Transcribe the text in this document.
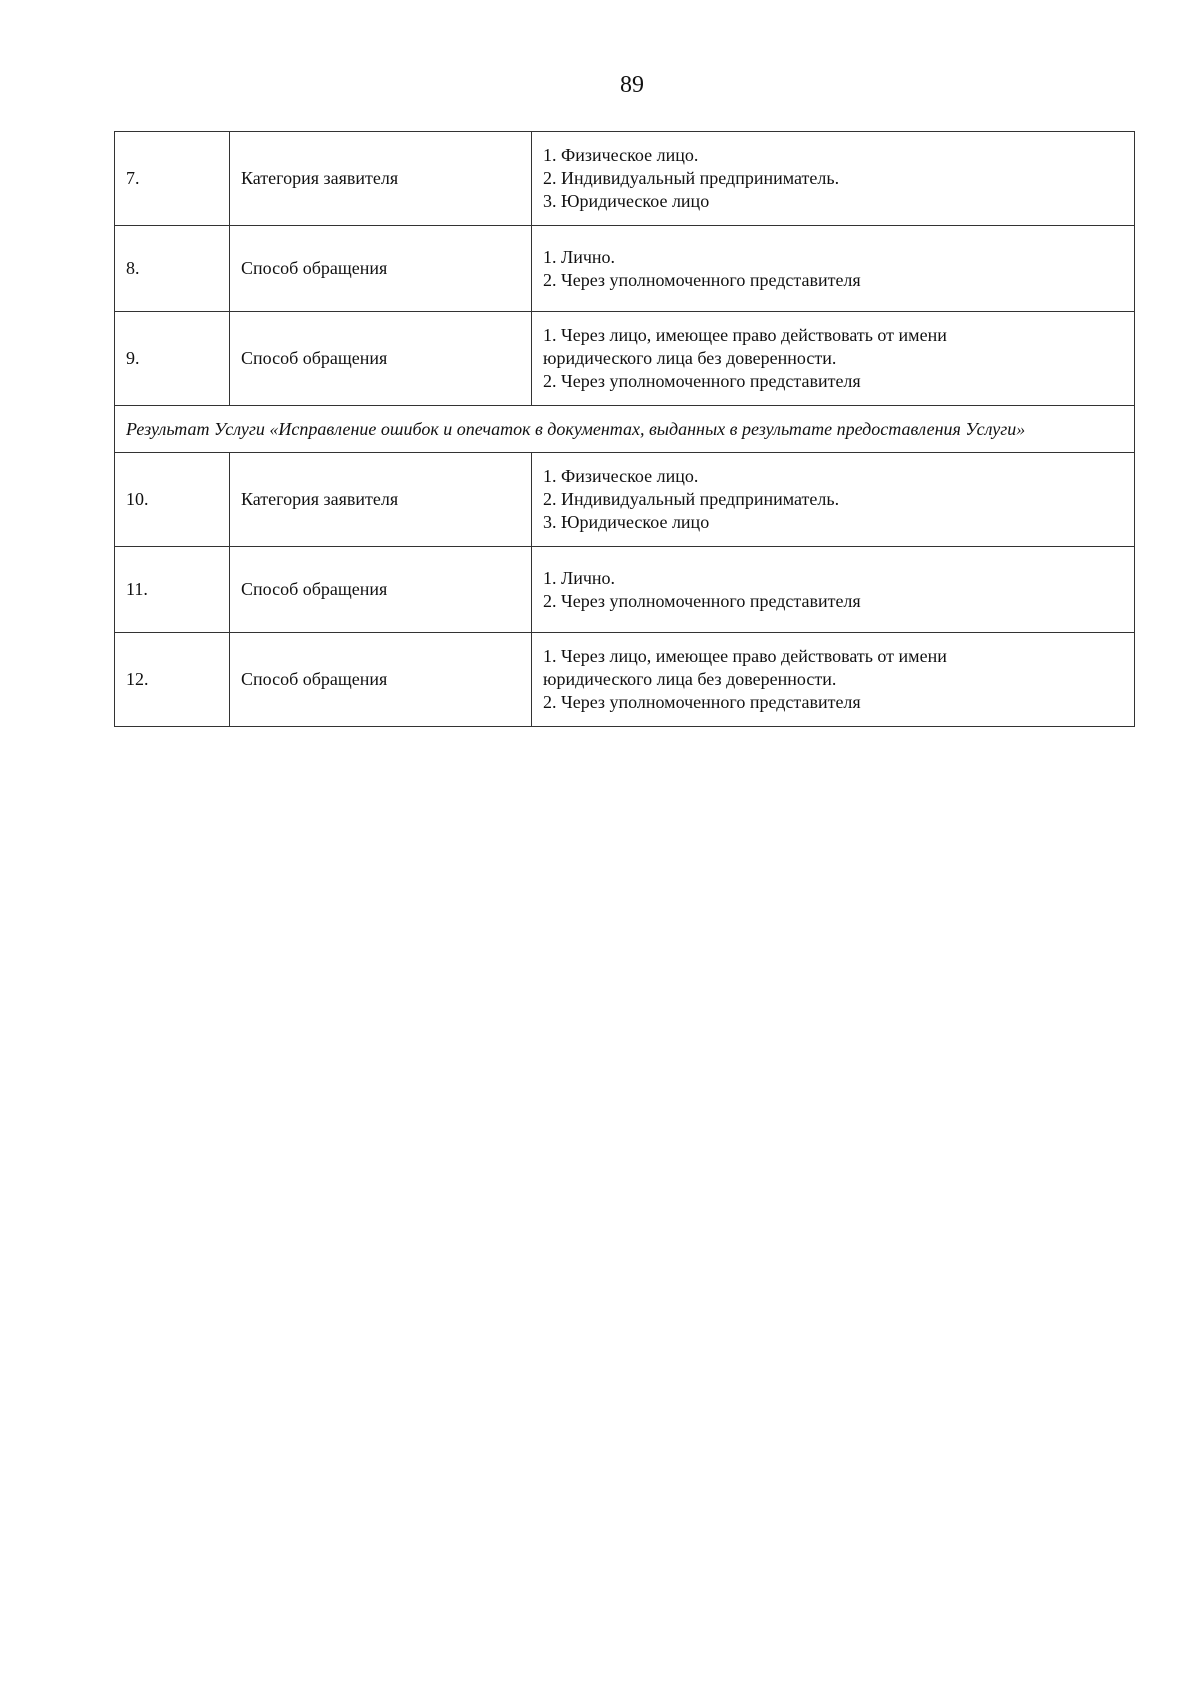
89
7.	Категория заявителя	1. Физическое лицо.
2. Индивидуальный предприниматель.
3. Юридическое лицо

8.	Способ обращения	1. Лично.
2. Через уполномоченного представителя

9.	Способ обращения	1. Через лицо, имеющее право действовать от имени
юридического лица без доверенности.
2. Через уполномоченного представителя

Результат Услуги «Исправление ошибок и опечаток в документах, выданных в результате предоставления Услуги»		
10.	Категория заявителя	1. Физическое лицо.
2. Индивидуальный предприниматель.
3. Юридическое лицо

11.	Способ обращения	1. Лично.
2. Через уполномоченного представителя

12.	Способ обращения	1. Через лицо, имеющее право действовать от имени
юридического лица без доверенности.
2. Через уполномоченного представителя
